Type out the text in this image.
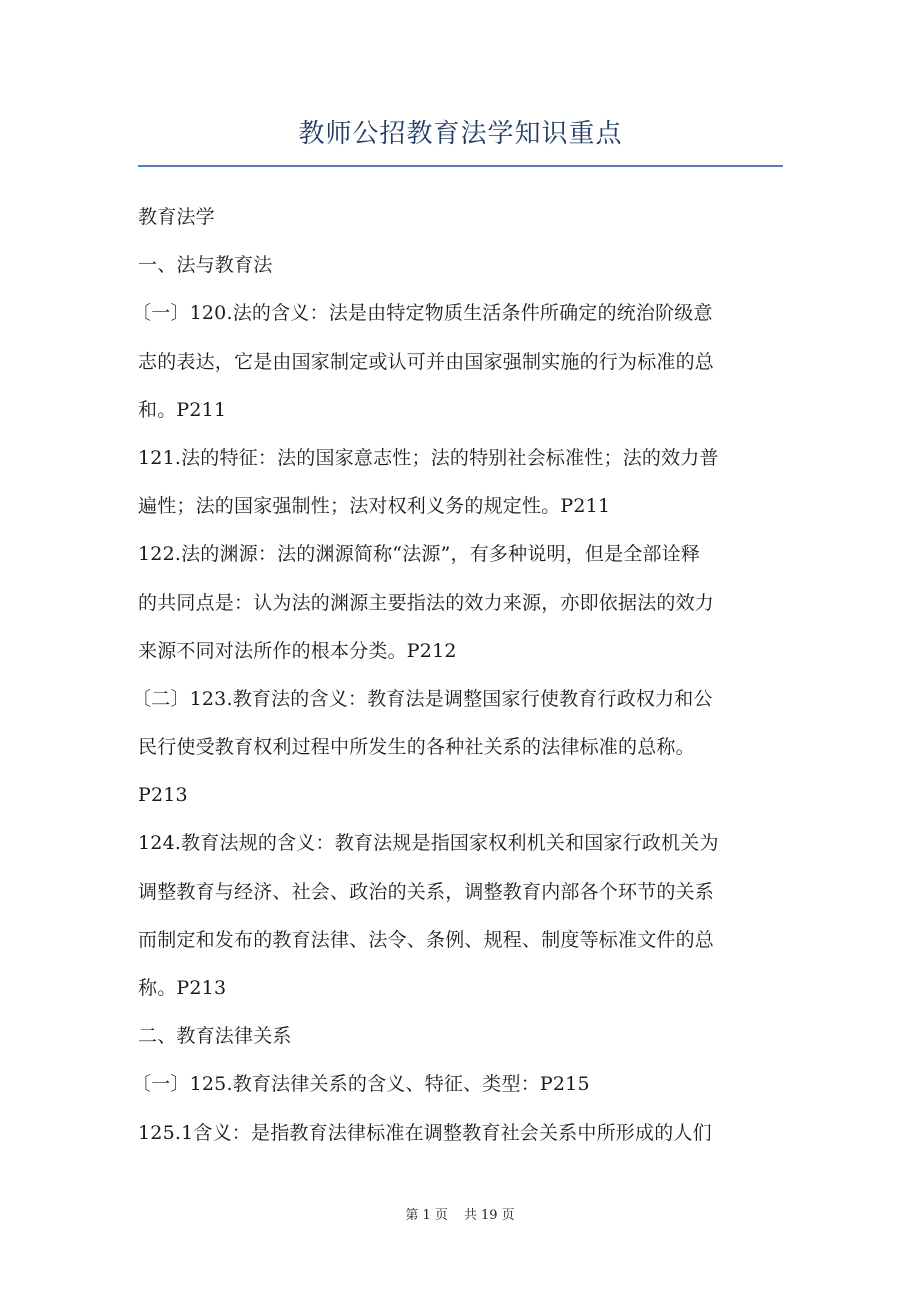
教师公招教育法学知识重点
教育法学
一、法与教育法
〔一〕120.法的含义：法是由特定物质生活条件所确定的统治阶级意
志的表达，它是由国家制定或认可并由国家强制实施的行为标准的总
和。P211
121.法的特征：法的国家意志性；法的特别社会标准性；法的效力普
遍性；法的国家强制性；法对权利义务的规定性。P211
122.法的渊源：法的渊源简称“法源”，有多种说明，但是全部诠释
的共同点是：认为法的渊源主要指法的效力来源，亦即依据法的效力
来源不同对法所作的根本分类。P212
〔二〕123.教育法的含义：教育法是调整国家行使教育行政权力和公
民行使受教育权利过程中所发生的各种社关系的法律标准的总称。
P213
124.教育法规的含义：教育法规是指国家权利机关和国家行政机关为
调整教育与经济、社会、政治的关系，调整教育内部各个环节的关系
而制定和发布的教育法律、法令、条例、规程、制度等标准文件的总
称。P213
二、教育法律关系
〔一〕125.教育法律关系的含义、特征、类型：P215
125.1含义：是指教育法律标准在调整教育社会关系中所形成的人们
第 1 页 共 19 页
